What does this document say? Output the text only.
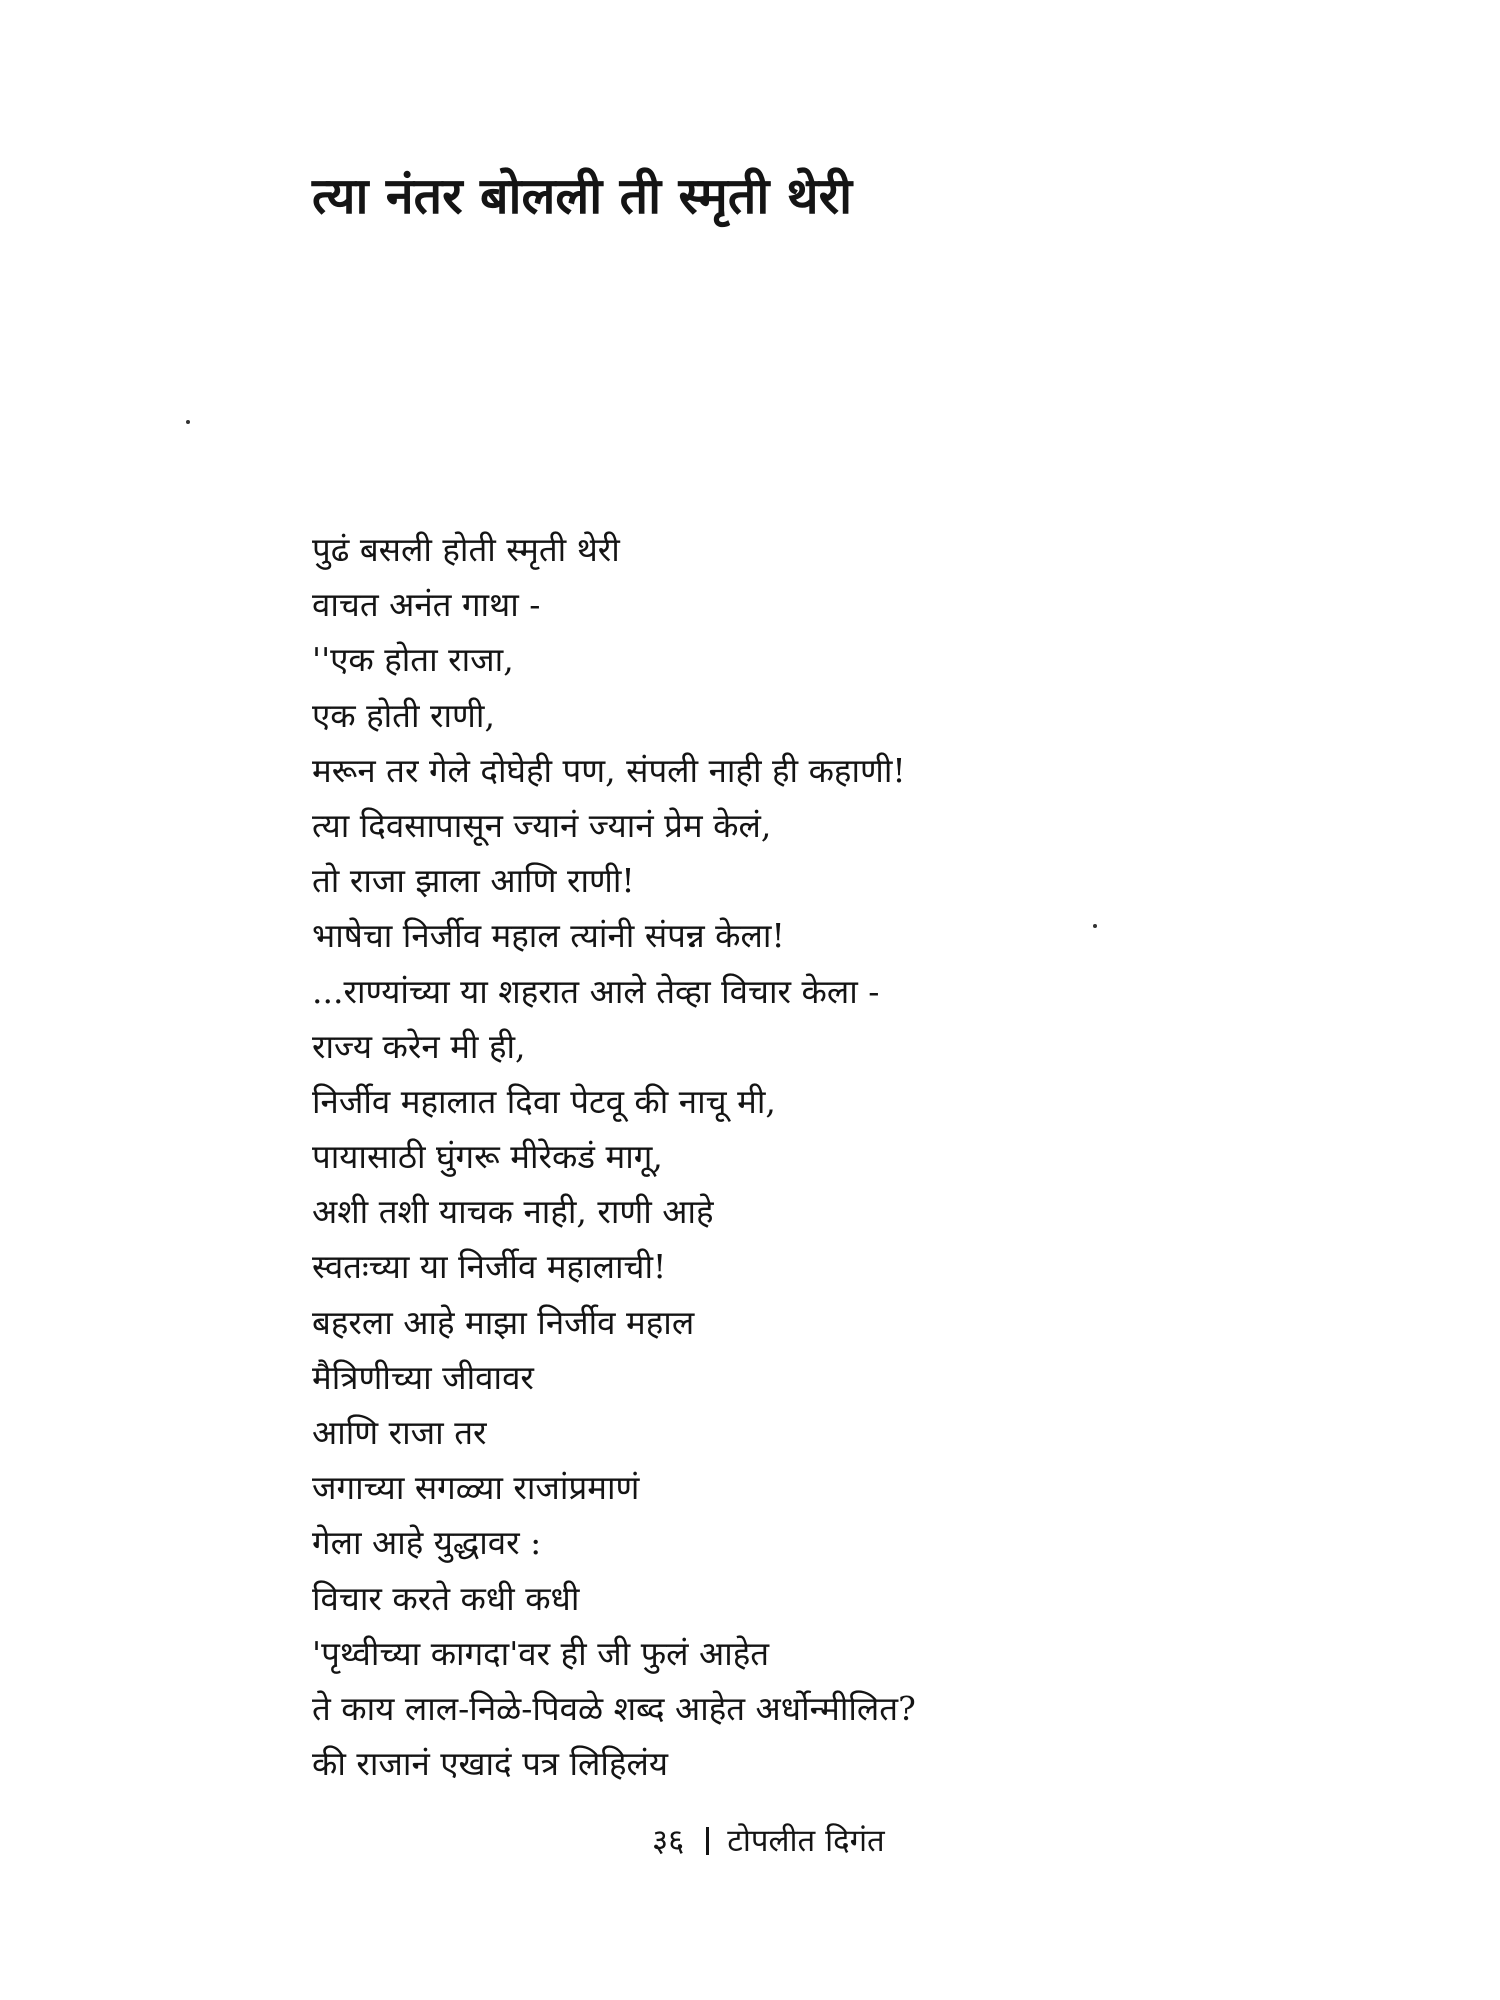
त्या नंतर बोलली ती स्मृती थेरी
पुढं बसली होती स्मृती थेरी
वाचत अनंत गाथा -
''एक होता राजा,
एक होती राणी,
मरून तर गेले दोघेही पण, संपली नाही ही कहाणी!
त्या दिवसापासून ज्यानं ज्यानं प्रेम केलं,
तो राजा झाला आणि राणी!
भाषेचा निर्जीव महाल त्यांनी संपन्न केला!
...राण्यांच्या या शहरात आले तेव्हा विचार केला -
राज्य करेन मी ही,
निर्जीव महालात दिवा पेटवू की नाचू मी,
पायासाठी घुंगरू मीरेकडं मागू,
अशी तशी याचक नाही, राणी आहे
स्वतःच्या या निर्जीव महालाची!
बहरला आहे माझा निर्जीव महाल
मैत्रिणीच्या जीवावर
आणि राजा तर
जगाच्या सगळ्या राजांप्रमाणं
गेला आहे युद्धावर :
विचार करते कधी कधी
'पृथ्वीच्या कागदा'वर ही जी फुलं आहेत
ते काय लाल-निळे-पिवळे शब्द आहेत अर्धोन्मीलित?
की राजानं एखादं पत्र लिहिलंय
३६ टोपलीत दिगंत
